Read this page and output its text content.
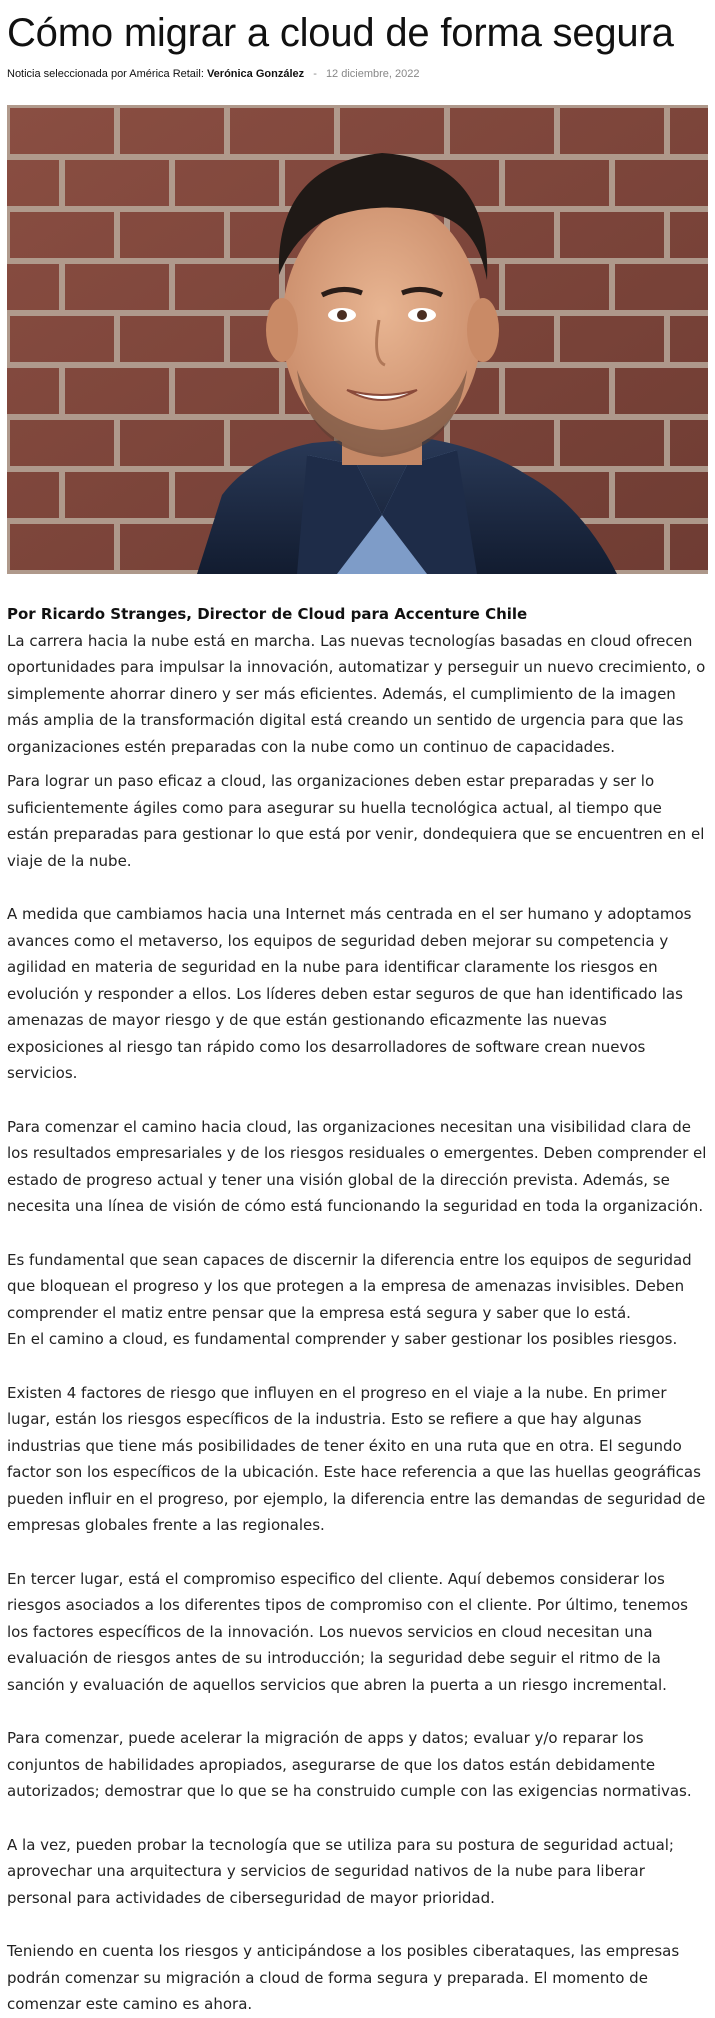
Cómo migrar a cloud de forma segura
Noticia seleccionada por América Retail: Verónica González - 12 diciembre, 2022

Por Ricardo Stranges, Director de Cloud para Accenture Chile

La carrera hacia la nube está en marcha. Las nuevas tecnologías basadas en cloud ofrecen oportunidades para impulsar la innovación, automatizar y perseguir un nuevo crecimiento, o simplemente ahorrar dinero y ser más eficientes. Además, el cumplimiento de la imagen más amplia de la transformación digital está creando un sentido de urgencia para que las organizaciones estén preparadas con la nube como un continuo de capacidades.

Para lograr un paso eficaz a cloud, las organizaciones deben estar preparadas y ser lo suficientemente ágiles como para asegurar su huella tecnológica actual, al tiempo que están preparadas para gestionar lo que está por venir, dondequiera que se encuentren en el viaje de la nube.

A medida que cambiamos hacia una Internet más centrada en el ser humano y adoptamos avances como el metaverso, los equipos de seguridad deben mejorar su competencia y agilidad en materia de seguridad en la nube para identificar claramente los riesgos en evolución y responder a ellos. Los líderes deben estar seguros de que han identificado las amenazas de mayor riesgo y de que están gestionando eficazmente las nuevas exposiciones al riesgo tan rápido como los desarrolladores de software crean nuevos servicios.

Para comenzar el camino hacia cloud, las organizaciones necesitan una visibilidad clara de los resultados empresariales y de los riesgos residuales o emergentes. Deben comprender el estado de progreso actual y tener una visión global de la dirección prevista. Además, se necesita una línea de visión de cómo está funcionando la seguridad en toda la organización.

Es fundamental que sean capaces de discernir la diferencia entre los equipos de seguridad que bloquean el progreso y los que protegen a la empresa de amenazas invisibles. Deben comprender el matiz entre pensar que la empresa está segura y saber que lo está.

En el camino a cloud, es fundamental comprender y saber gestionar los posibles riesgos.

Existen 4 factores de riesgo que influyen en el progreso en el viaje a la nube. En primer lugar, están los riesgos específicos de la industria. Esto se refiere a que hay algunas industrias que tiene más posibilidades de tener éxito en una ruta que en otra. El segundo factor son los específicos de la ubicación. Este hace referencia a que las huellas geográficas pueden influir en el progreso, por ejemplo, la diferencia entre las demandas de seguridad de empresas globales frente a las regionales.

En tercer lugar, está el compromiso especifico del cliente. Aquí debemos considerar los riesgos asociados a los diferentes tipos de compromiso con el cliente. Por último, tenemos los factores específicos de la innovación. Los nuevos servicios en cloud necesitan una evaluación de riesgos antes de su introducción; la seguridad debe seguir el ritmo de la sanción y evaluación de aquellos servicios que abren la puerta a un riesgo incremental.

Para comenzar, puede acelerar la migración de apps y datos; evaluar y/o reparar los conjuntos de habilidades apropiados, asegurarse de que los datos están debidamente autorizados; demostrar que lo que se ha construido cumple con las exigencias normativas.

A la vez, pueden probar la tecnología que se utiliza para su postura de seguridad actual; aprovechar una arquitectura y servicios de seguridad nativos de la nube para liberar personal para actividades de ciberseguridad de mayor prioridad.

Teniendo en cuenta los riesgos y anticipándose a los posibles ciberataques, las empresas podrán comenzar su migración a cloud de forma segura y preparada. El momento de comenzar este camino es ahora.
